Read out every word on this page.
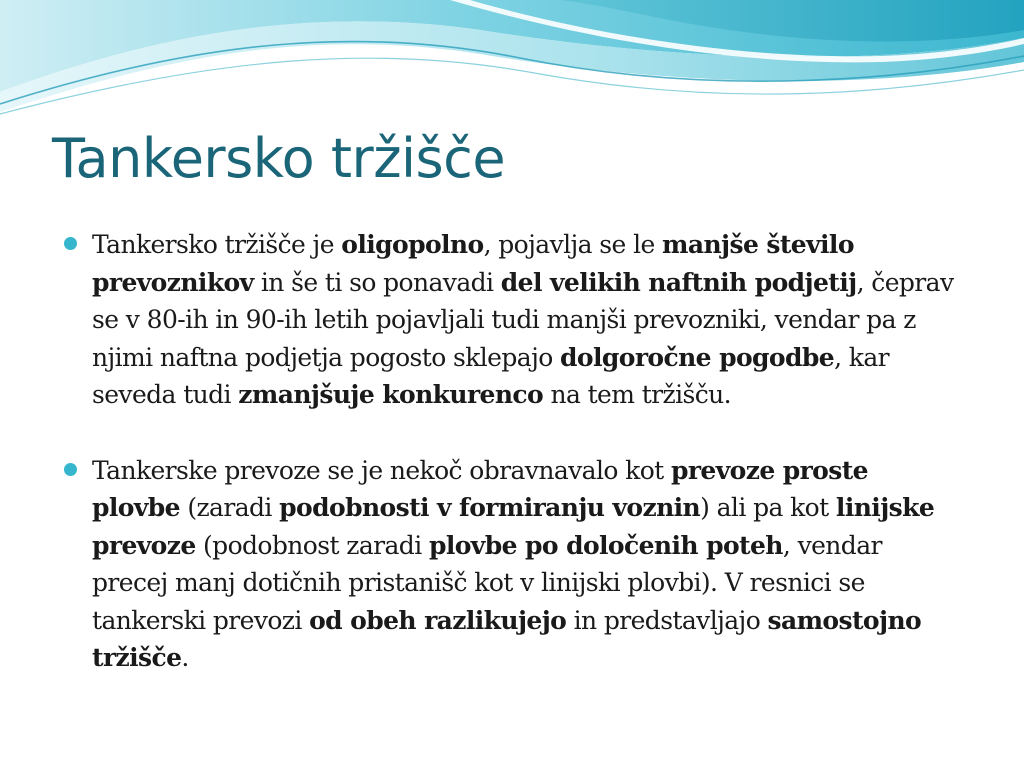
Tankersko tržišče
Tankersko tržišče je oligopolno, pojavlja se le manjše število prevoznikov in še ti so ponavadi del velikih naftnih podjetij, čeprav se v 80-ih in 90-ih letih pojavljali tudi manjši prevozniki, vendar pa z njimi naftna podjetja pogosto sklepajo dolgoročne pogodbe, kar seveda tudi zmanjšuje konkurenco na tem tržišču.
Tankerske prevoze se je nekoč obravnavalo kot prevoze proste plovbe (zaradi podobnosti v formiranju voznin) ali pa kot linijske prevoze (podobnost zaradi plovbe po določenih poteh, vendar precej manj dotičnih pristanišč kot v linijski plovbi). V resnici se tankerski prevozi od obeh razlikujejo in predstavljajo samostojno tržišče.
